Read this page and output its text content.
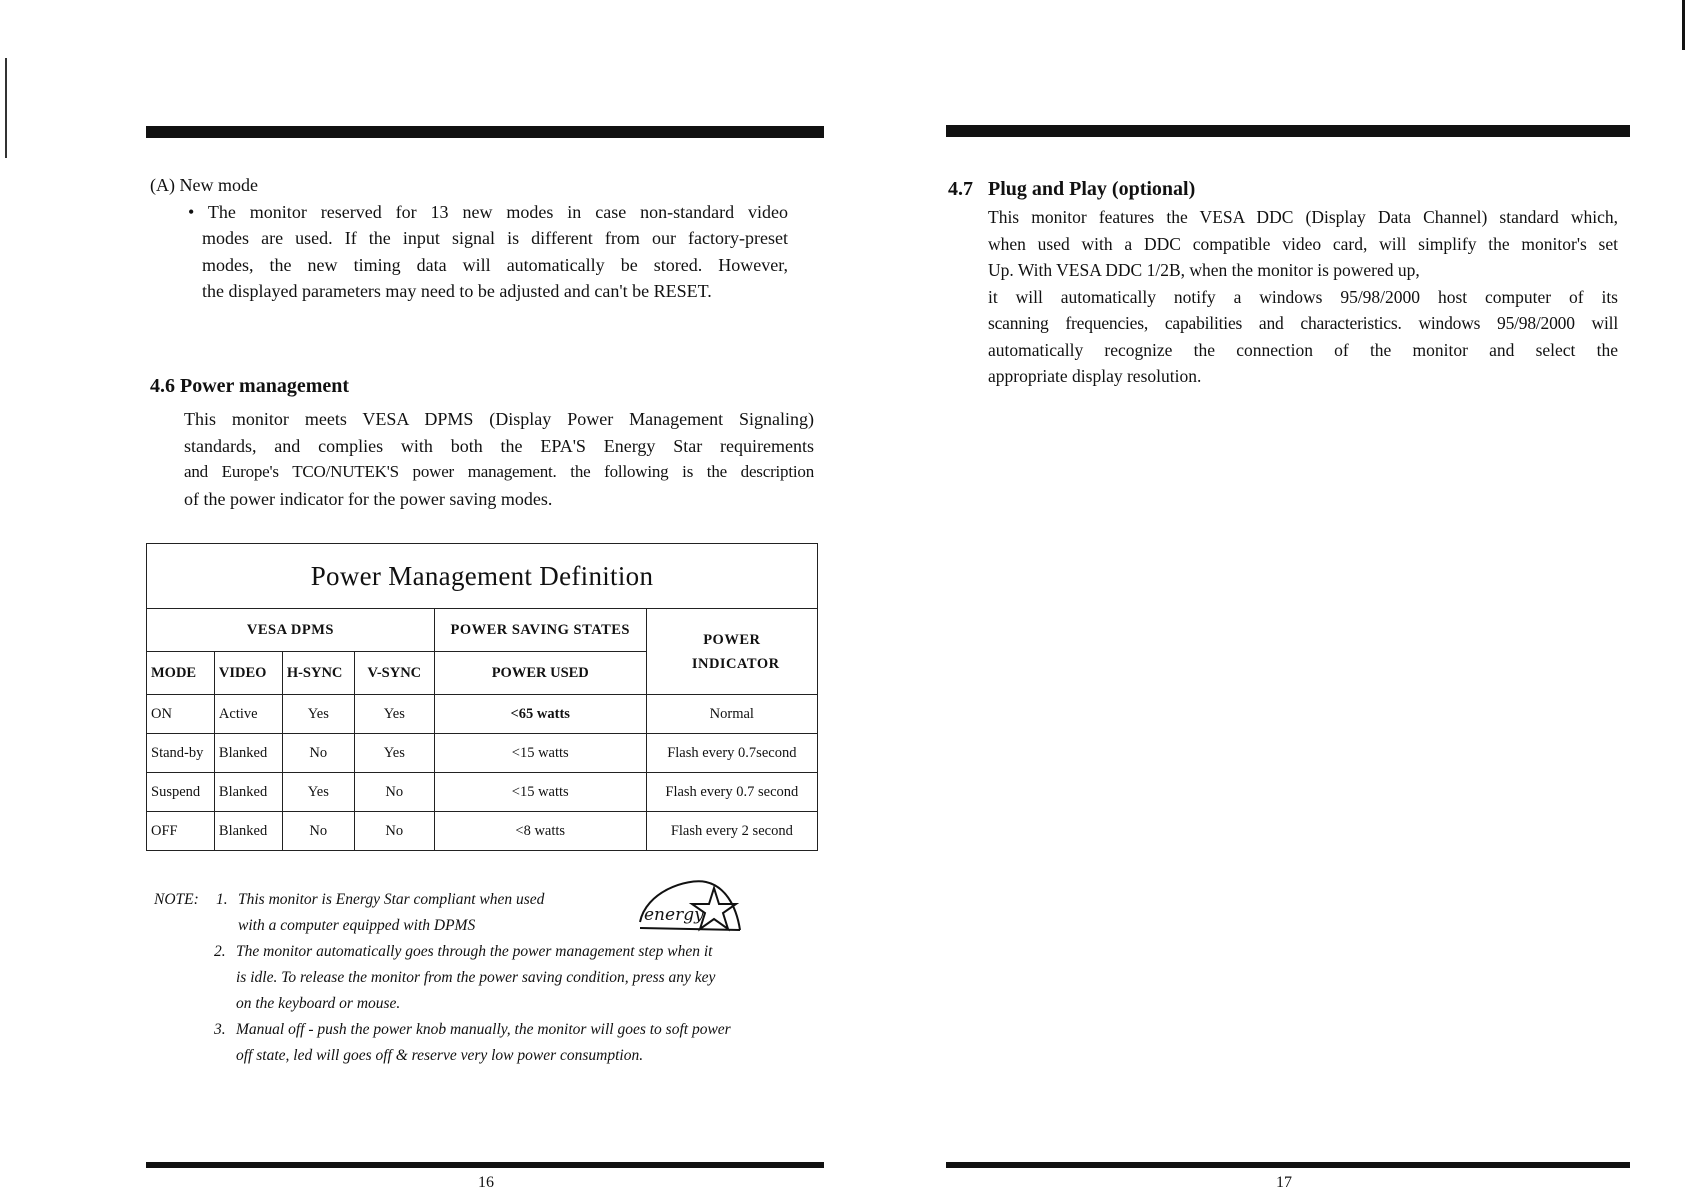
(A) New mode
• The monitor reserved for 13 new modes in case non-standard video
modes are used. If the input signal is different from our factory-preset
modes, the new timing data will automatically be stored. However,
the displayed parameters may need to be adjusted and can't be RESET.
4.6 Power management
This monitor meets VESA DPMS (Display Power Management Signaling)
standards, and complies with both the EPA'S Energy Star requirements
and Europe's TCO/NUTEK'S power management. the following is the description
of the power indicator for the power saving modes.
Power Management Definition					
VESA DPMS				POWER SAVING STATES	POWER INDICATOR
MODE	VIDEO	H-SYNC	V-SYNC	POWER USED	
ON	Active	Yes	Yes	<65 watts	Normal
Stand-by	Blanked	No	Yes	<15 watts	Flash every 0.7second
Suspend	Blanked	Yes	No	<15 watts	Flash every 0.7 second
OFF	Blanked	No	No	<8 watts	Flash every 2 second
NOTE: 1. This monitor is Energy Star compliant when used
with a computer equipped with DPMS
2. The monitor automatically goes through the power management step when it
is idle. To release the monitor from the power saving condition, press any key
on the keyboard or mouse.
3. Manual off - push the power knob manually, the monitor will goes to soft power
off state, led will goes off & reserve very low power consumption.
energy
16
4.7 Plug and Play (optional)
This monitor features the VESA DDC (Display Data Channel) standard which,
when used with a DDC compatible video card, will simplify the monitor's set
Up. With VESA DDC 1/2B, when the monitor is powered up,
it will automatically notify a windows 95/98/2000 host computer of its
scanning frequencies, capabilities and characteristics. windows 95/98/2000 will
automatically recognize the connection of the monitor and select the
appropriate display resolution.
17
